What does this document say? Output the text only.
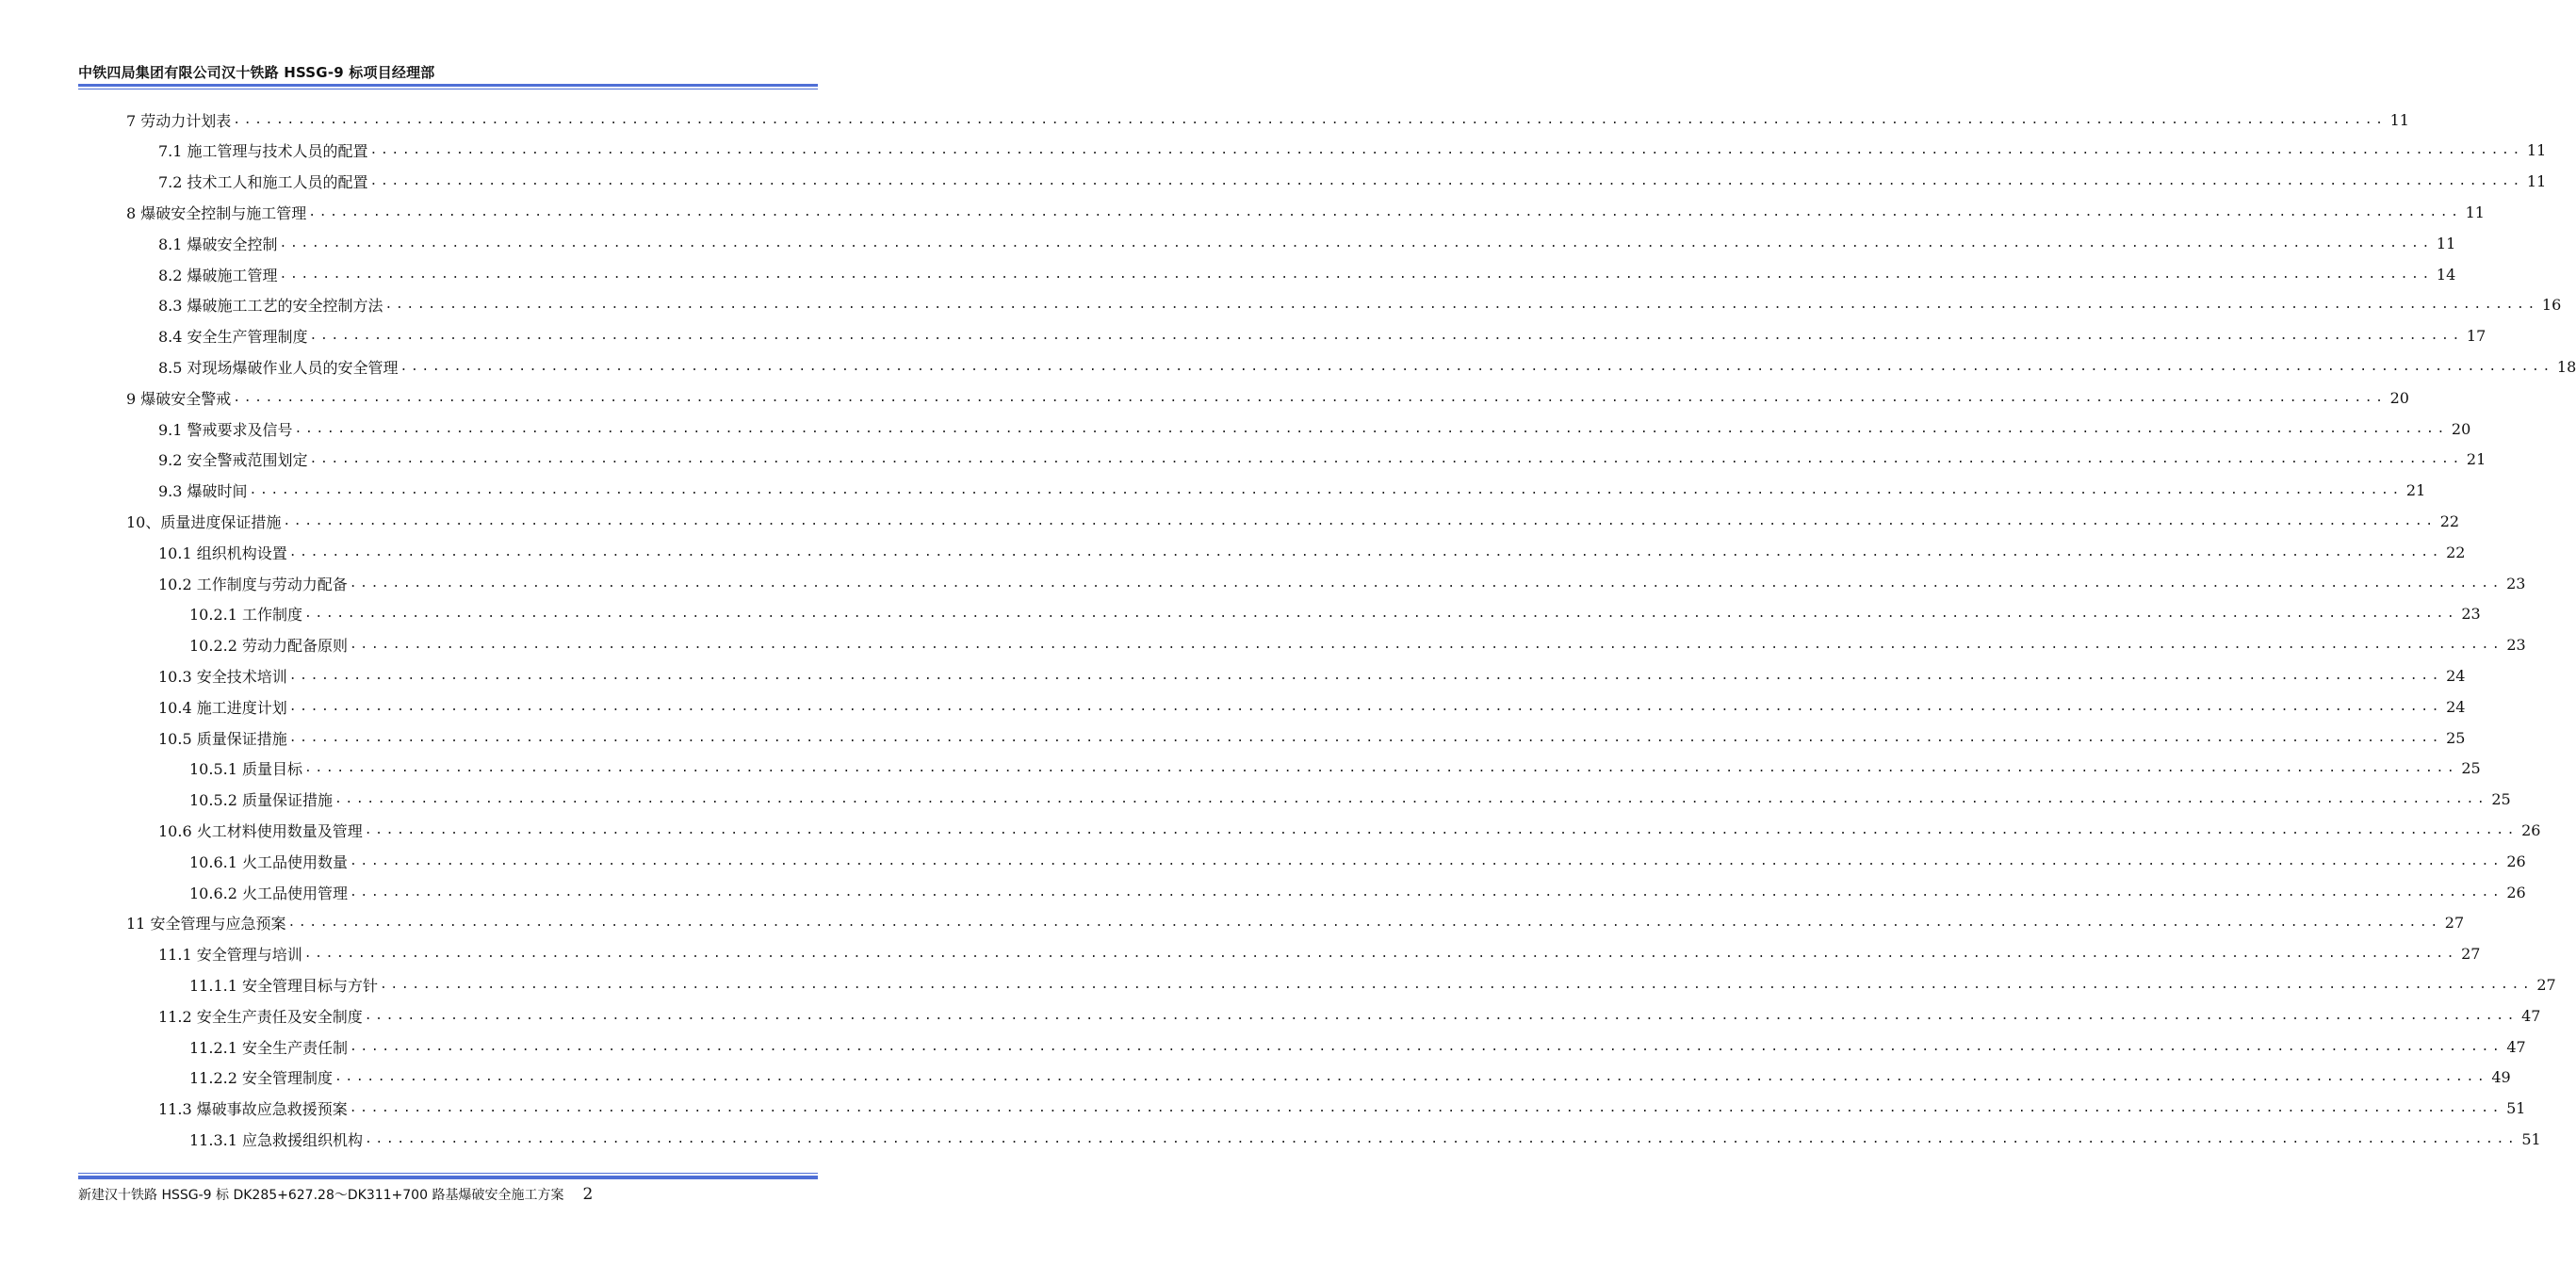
中铁四局集团有限公司汉十铁路 HSSG-9 标项目经理部
7 劳动力计划表 ........................................................................................................................................................................................................ 11
7.1 施工管理与技术人员的配置 ........................................................................................................................................................................................................ 11
7.2 技术工人和施工人员的配置 ........................................................................................................................................................................................................ 11
8 爆破安全控制与施工管理 ........................................................................................................................................................................................................ 11
8.1 爆破安全控制 ........................................................................................................................................................................................................ 11
8.2 爆破施工管理 ........................................................................................................................................................................................................ 14
8.3 爆破施工工艺的安全控制方法 ........................................................................................................................................................................................................ 16
8.4 安全生产管理制度 ........................................................................................................................................................................................................ 17
8.5 对现场爆破作业人员的安全管理 ........................................................................................................................................................................................................ 18
9 爆破安全警戒 ........................................................................................................................................................................................................ 20
9.1 警戒要求及信号 ........................................................................................................................................................................................................ 20
9.2 安全警戒范围划定 ........................................................................................................................................................................................................ 21
9.3 爆破时间 ........................................................................................................................................................................................................ 21
10、质量进度保证措施 ........................................................................................................................................................................................................ 22
10.1 组织机构设置 ........................................................................................................................................................................................................ 22
10.2 工作制度与劳动力配备 ........................................................................................................................................................................................................ 23
10.2.1 工作制度 ........................................................................................................................................................................................................ 23
10.2.2 劳动力配备原则 ........................................................................................................................................................................................................ 23
10.3 安全技术培训 ........................................................................................................................................................................................................ 24
10.4 施工进度计划 ........................................................................................................................................................................................................ 24
10.5 质量保证措施 ........................................................................................................................................................................................................ 25
10.5.1 质量目标 ........................................................................................................................................................................................................ 25
10.5.2 质量保证措施 ........................................................................................................................................................................................................ 25
10.6 火工材料使用数量及管理 ........................................................................................................................................................................................................ 26
10.6.1 火工品使用数量 ........................................................................................................................................................................................................ 26
10.6.2 火工品使用管理 ........................................................................................................................................................................................................ 26
11 安全管理与应急预案 ........................................................................................................................................................................................................ 27
11.1 安全管理与培训 ........................................................................................................................................................................................................ 27
11.1.1 安全管理目标与方针 ........................................................................................................................................................................................................ 27
11.2 安全生产责任及安全制度 ........................................................................................................................................................................................................ 47
11.2.1 安全生产责任制 ........................................................................................................................................................................................................ 47
11.2.2 安全管理制度 ........................................................................................................................................................................................................ 49
11.3 爆破事故应急救援预案 ........................................................................................................................................................................................................ 51
11.3.1 应急救援组织机构 ........................................................................................................................................................................................................ 51
新建汉十铁路 HSSG-9 标 DK285+627.28～DK311+700 路基爆破安全施工方案 2
